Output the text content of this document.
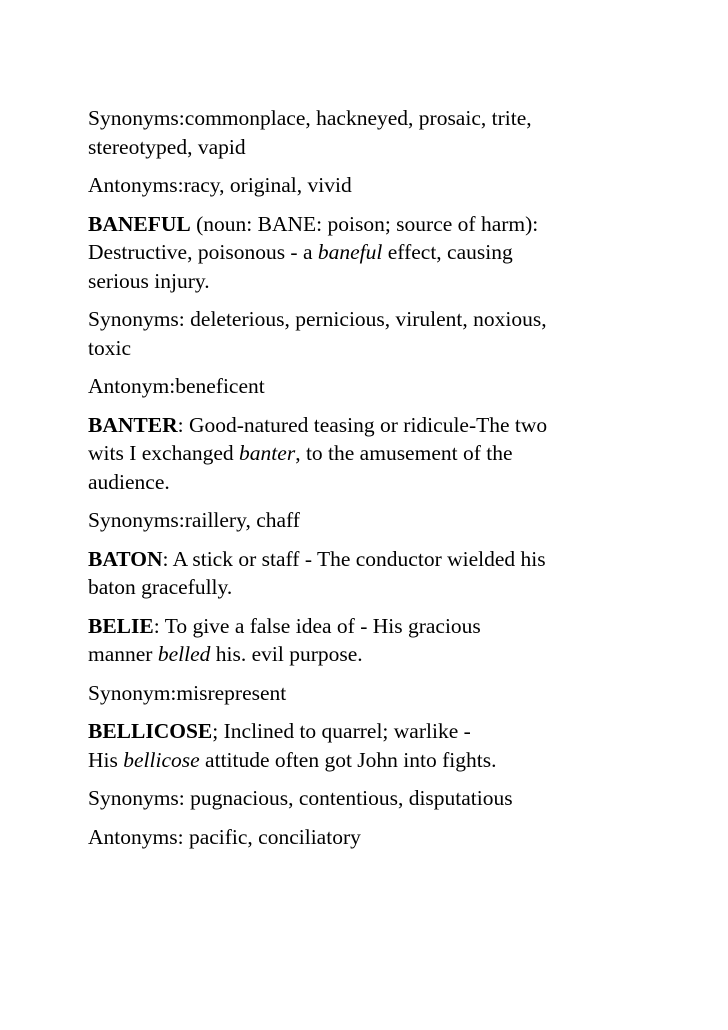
Synonyms:commonplace, hackneyed, prosaic, trite,
stereotyped, vapid

Antonyms:racy, original, vivid

BANEFUL (noun: BANE: poison; source of harm):
Destructive, poisonous - a baneful effect, causing
serious injury.

Synonyms: deleterious, pernicious, virulent, noxious,
toxic

Antonym:beneficent

BANTER: Good-natured teasing or ridicule-The two
wits I exchanged banter, to the amusement of the
audience.

Synonyms:raillery, chaff

BATON: A stick or staff - The conductor wielded his
baton gracefully.

BELIE: To give a false idea of - His gracious
manner belled his. evil purpose.

Synonym:misrepresent

BELLICOSE; Inclined to quarrel; warlike -
His bellicose attitude often got John into fights.

Synonyms: pugnacious, contentious, disputatious

Antonyms: pacific, conciliatory
